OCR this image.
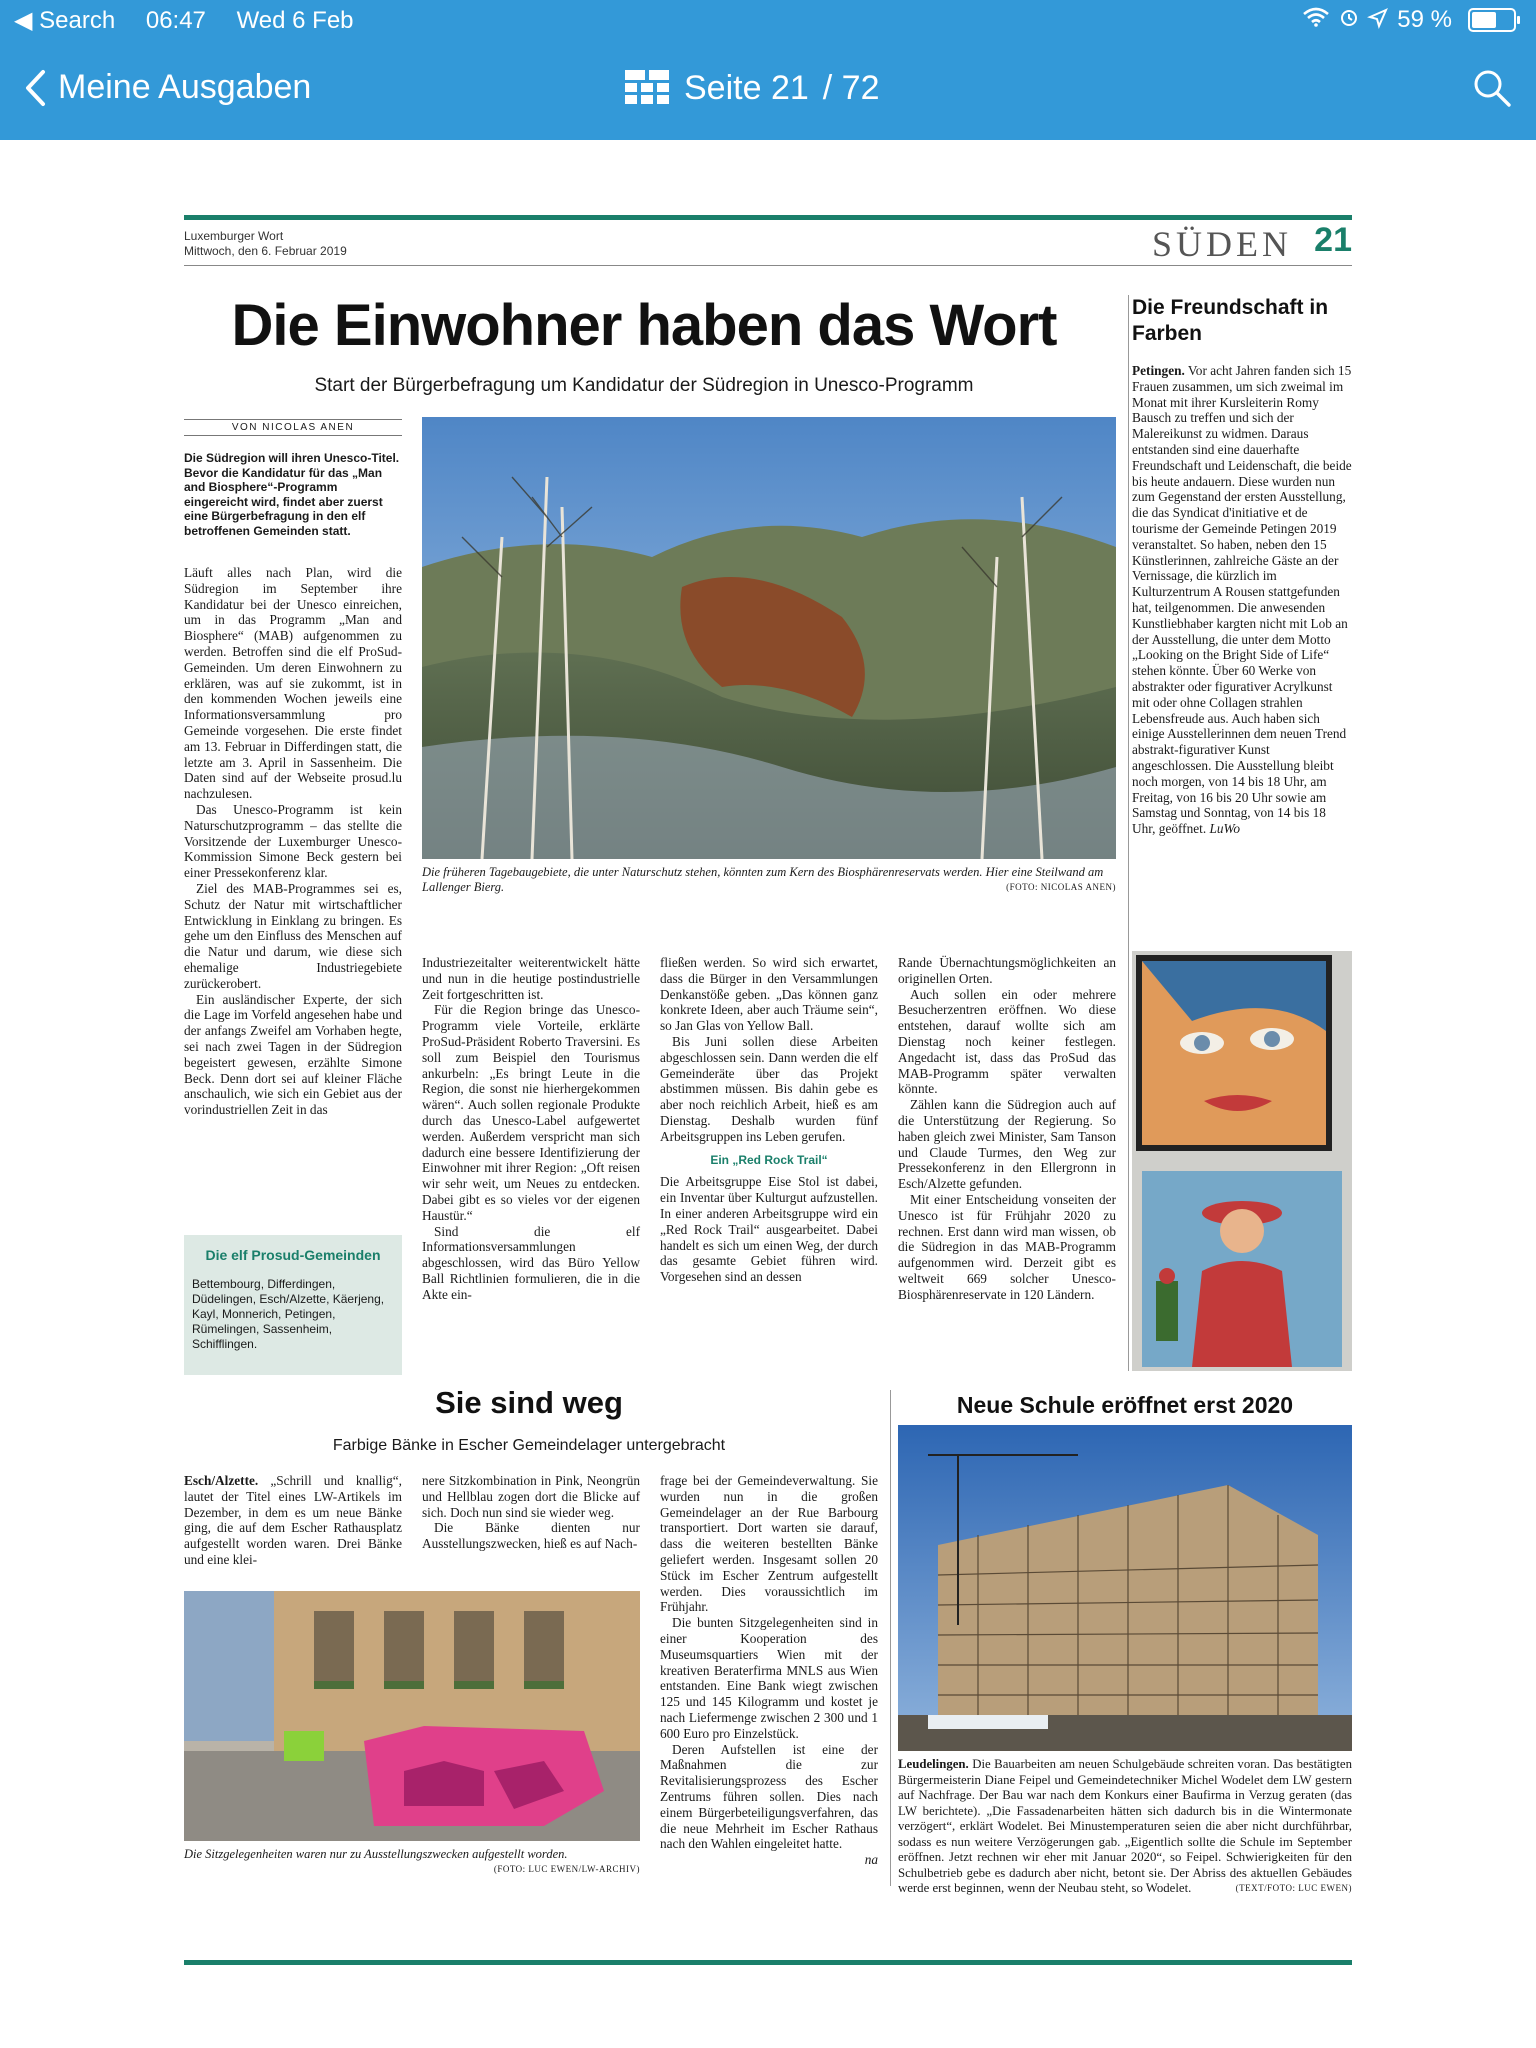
◀ Search 06:47 Wed 6 Feb	59 %
Meine Ausgaben	Seite 21 / 72
Luxemburger Wort
Mittwoch, den 6. Februar 2019	SÜDEN 21
Die Einwohner haben das Wort
Start der Bürgerbefragung um Kandidatur der Südregion in Unesco-Programm
VON NICOLAS ANEN
Die Südregion will ihren Unesco-Titel. Bevor die Kandidatur für das „Man and Biosphere“-Programm eingereicht wird, findet aber zuerst eine Bürgerbefragung in den elf betroffenen Gemeinden statt.

Läuft alles nach Plan, wird die Südregion im September ihre Kandidatur bei der Unesco einreichen, um in das Programm „Man and Biosphere“ (MAB) aufgenommen zu werden. Betroffen sind die elf ProSud-Gemeinden. Um deren Einwohnern zu erklären, was auf sie zukommt, ist in den kommenden Wochen jeweils eine Informationsversammlung pro Gemeinde vorgesehen. Die erste findet am 13. Februar in Differdingen statt, die letzte am 3. April in Sassenheim. Die Daten sind auf der Webseite prosud.lu nachzulesen.

Das Unesco-Programm ist kein Naturschutzprogramm – das stellte die Vorsitzende der Luxemburger Unesco-Kommission Simone Beck gestern bei einer Pressekonferenz klar.

Ziel des MAB-Programmes sei es, Schutz der Natur mit wirtschaftlicher Entwicklung in Einklang zu bringen. Es gehe um den Einfluss des Menschen auf die Natur und darum, wie diese sich ehemalige Industriegebiete zurückerobert.

Ein ausländischer Experte, der sich die Lage im Vorfeld angesehen habe und der anfangs Zweifel am Vorhaben hegte, sei nach zwei Tagen in der Südregion begeistert gewesen, erzählte Simone Beck. Denn dort sei auf kleiner Fläche anschaulich, wie sich ein Gebiet aus der vorindustriellen Zeit in das

Die elf Prosud-Gemeinden
Bettembourg, Differdingen, Düdelingen, Esch/Alzette, Käerjeng, Kayl, Monnerich, Petingen, Rümelingen, Sassenheim, Schifflingen.
Die früheren Tagebaugebiete, die unter Naturschutz stehen, könnten zum Kern des Biosphärenreservats werden. Hier eine Steilwand am Lallenger Bierg.	(FOTO: NICOLAS ANEN)

Industriezeitalter weiterentwickelt hätte und nun in die heutige postindustrielle Zeit fortgeschritten ist.

Für die Region bringe das Unesco-Programm viele Vorteile, erklärte ProSud-Präsident Roberto Traversini. Es soll zum Beispiel den Tourismus ankurbeln: „Es bringt Leute in die Region, die sonst nie hierhergekommen wären“. Auch sollen regionale Produkte durch das Unesco-Label aufgewertet werden. Außerdem verspricht man sich dadurch eine bessere Identifizierung der Einwohner mit ihrer Region: „Oft reisen wir sehr weit, um Neues zu entdecken. Dabei gibt es so vieles vor der eigenen Haustür.“

Sind die elf Informationsversammlungen abgeschlossen, wird das Büro Yellow Ball Richtlinien formulieren, die in die Akte ein-

fließen werden. So wird sich erwartet, dass die Bürger in den Versammlungen Denkanstöße geben. „Das können ganz konkrete Ideen, aber auch Träume sein“, so Jan Glas von Yellow Ball.

Bis Juni sollen diese Arbeiten abgeschlossen sein. Dann werden die elf Gemeinderäte über das Projekt abstimmen müssen. Bis dahin gebe es aber noch reichlich Arbeit, hieß es am Dienstag. Deshalb wurden fünf Arbeitsgruppen ins Leben gerufen.

Ein „Red Rock Trail“

Die Arbeitsgruppe Eise Stol ist dabei, ein Inventar über Kulturgut aufzustellen. In einer anderen Arbeitsgruppe wird ein „Red Rock Trail“ ausgearbeitet. Dabei handelt es sich um einen Weg, der durch das gesamte Gebiet führen wird. Vorgesehen sind an dessen

Rande Übernachtungsmöglichkeiten an originellen Orten.

Auch sollen ein oder mehrere Besucherzentren eröffnen. Wo diese entstehen, darauf wollte sich am Dienstag noch keiner festlegen. Angedacht ist, dass das ProSud das MAB-Programm später verwalten könnte.

Zählen kann die Südregion auch auf die Unterstützung der Regierung. So haben gleich zwei Minister, Sam Tanson und Claude Turmes, den Weg zur Pressekonferenz in den Ellergronn in Esch/Alzette gefunden.

Mit einer Entscheidung vonseiten der Unesco ist für Frühjahr 2020 zu rechnen. Erst dann wird man wissen, ob die Südregion in das MAB-Programm aufgenommen wird. Derzeit gibt es weltweit 669 solcher Unesco-Biosphärenreservate in 120 Ländern.

Die Freundschaft in Farben
Petingen. Vor acht Jahren fanden sich 15 Frauen zusammen, um sich zweimal im Monat mit ihrer Kursleiterin Romy Bausch zu treffen und sich der Malereikunst zu widmen. Daraus entstanden sind eine dauerhafte Freundschaft und Leidenschaft, die beide bis heute andauern. Diese wurden nun zum Gegenstand der ersten Ausstellung, die das Syndicat d'initiative et de tourisme der Gemeinde Petingen 2019 veranstaltet. So haben, neben den 15 Künstlerinnen, zahlreiche Gäste an der Vernissage, die kürzlich im Kulturzentrum A Rousen stattgefunden hat, teilgenommen. Die anwesenden Kunstliebhaber kargten nicht mit Lob an der Ausstellung, die unter dem Motto „Looking on the Bright Side of Life“ stehen könnte. Über 60 Werke von abstrakter oder figurativer Acrylkunst mit oder ohne Collagen strahlen Lebensfreude aus. Auch haben sich einige Ausstellerinnen dem neuen Trend abstrakt-figurativer Kunst angeschlossen. Die Ausstellung bleibt noch morgen, von 14 bis 18 Uhr, am Freitag, von 16 bis 20 Uhr sowie am Samstag und Sonntag, von 14 bis 18 Uhr, geöffnet. LuWo
Sie sind weg
Farbige Bänke in Escher Gemeindelager untergebracht

Esch/Alzette. „Schrill und knallig“, lautet der Titel eines LW-Artikels im Dezember, in dem es um neue Bänke ging, die auf dem Escher Rathausplatz aufgestellt worden waren. Drei Bänke und eine klei-

nere Sitzkombination in Pink, Neongrün und Hellblau zogen dort die Blicke auf sich. Doch nun sind sie wieder weg.

Die Bänke dienten nur Ausstellungszwecken, hieß es auf Nach-

frage bei der Gemeindeverwaltung. Sie wurden nun in die großen Gemeindelager an der Rue Barbourg transportiert. Dort warten sie darauf, dass die weiteren bestellten Bänke geliefert werden. Insgesamt sollen 20 Stück im Escher Zentrum aufgestellt werden. Dies voraussichtlich im Frühjahr.

Die bunten Sitzgelegenheiten sind in einer Kooperation des Museumsquartiers Wien mit der kreativen Beraterfirma MNLS aus Wien entstanden. Eine Bank wiegt zwischen 125 und 145 Kilogramm und kostet je nach Liefermenge zwischen 2 300 und 1 600 Euro pro Einzelstück.

Deren Aufstellen ist eine der Maßnahmen die zur Revitalisierungsprozess des Escher Zentrums führen sollen. Dies nach einem Bürgerbeteiligungsverfahren, das die neue Mehrheit im Escher Rathaus nach den Wahlen eingeleitet hatte.

na

Die Sitzgelegenheiten waren nur zu Ausstellungszwecken aufgestellt worden.
(FOTO: LUC EWEN/LW-ARCHIV)
Neue Schule eröffnet erst 2020

Leudelingen. Die Bauarbeiten am neuen Schulgebäude schreiten voran. Das bestätigten Bürgermeisterin Diane Feipel und Gemeindetechniker Michel Wodelet dem LW gestern auf Nachfrage. Der Bau war nach dem Konkurs einer Baufirma in Verzug geraten (das LW berichtete). „Die Fassadenarbeiten hätten sich dadurch bis in die Wintermonate verzögert“, erklärt Wodelet. Bei Minustemperaturen seien die aber nicht durchführbar, sodass es nun weitere Verzögerungen gab. „Eigentlich sollte die Schule im September eröffnen. Jetzt rechnen wir eher mit Januar 2020“, so Feipel. Schwierigkeiten für den Schulbetrieb gebe es dadurch aber nicht, betont sie. Der Abriss des aktuellen Gebäudes werde erst beginnen, wenn der Neubau steht, so Wodelet.	(TEXT/FOTO: LUC EWEN)
